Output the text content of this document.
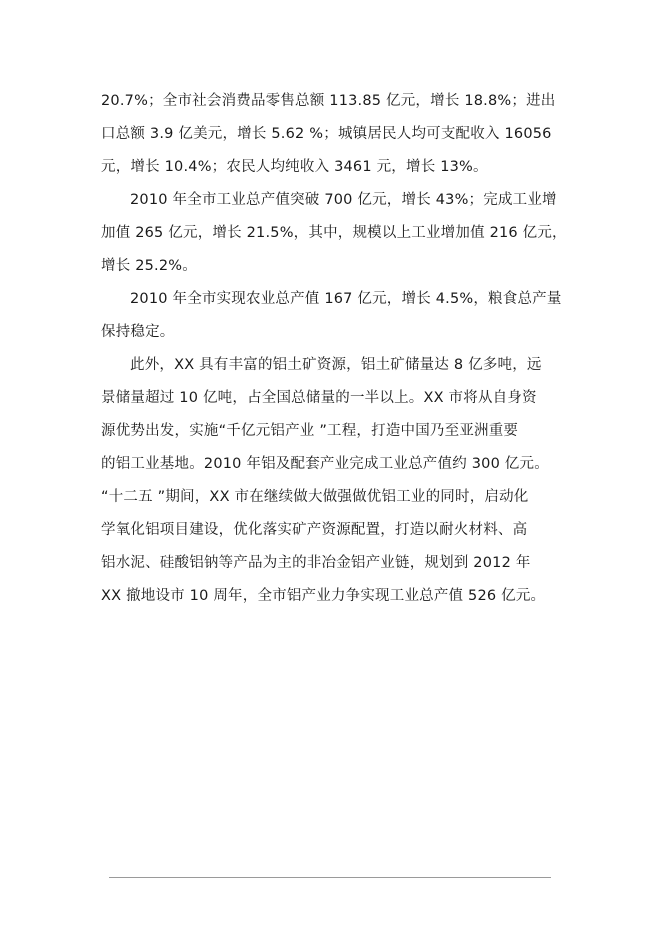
20.7%；全市社会消费品零售总额 113.85 亿元，增长 18.8%；进出
口总额 3.9 亿美元，增长 5.62 %；城镇居民人均可支配收入 16056
元，增长 10.4%；农民人均纯收入 3461 元，增长 13%。
2010 年全市工业总产值突破 700 亿元，增长 43%；完成工业增
加值 265 亿元，增长 21.5%，其中，规模以上工业增加值 216 亿元，
增长 25.2%。
2010 年全市实现农业总产值 167 亿元，增长 4.5%，粮食总产量
保持稳定。
此外，XX 具有丰富的铝土矿资源，铝土矿储量达 8 亿多吨，远
景储量超过 10 亿吨，占全国总储量的一半以上。XX 市将从自身资
源优势出发，实施“千亿元铝产业 ”工程，打造中国乃至亚洲重要
的铝工业基地。2010 年铝及配套产业完成工业总产值约 300 亿元。
“十二五 ”期间，XX 市在继续做大做强做优铝工业的同时，启动化
学氧化铝项目建设，优化落实矿产资源配置，打造以耐火材料、高
铝水泥、硅酸铝钠等产品为主的非冶金铝产业链，规划到 2012 年
XX 撤地设市 10 周年，全市铝产业力争实现工业总产值 526 亿元。
